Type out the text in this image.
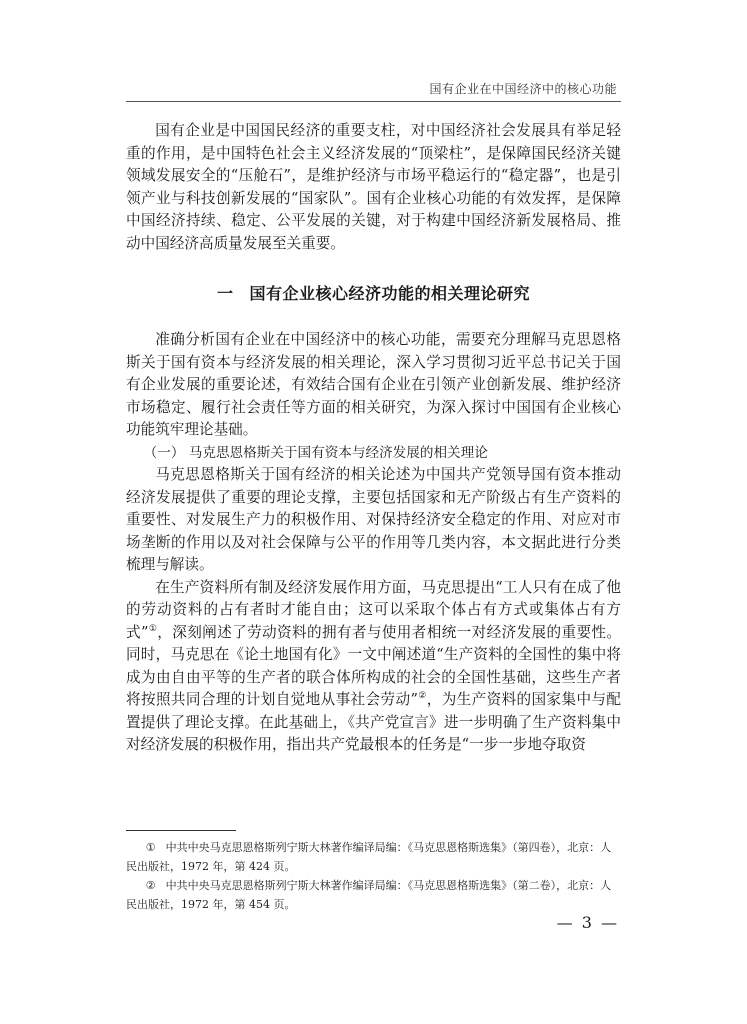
国有企业在中国经济中的核心功能

国有企业是中国国民经济的重要支柱，对中国经济社会发展具有举足轻重的作用，是中国特色社会主义经济发展的“顶梁柱”，是保障国民经济关键领域发展安全的“压舱石”，是维护经济与市场平稳运行的“稳定器”，也是引领产业与科技创新发展的“国家队”。国有企业核心功能的有效发挥，是保障中国经济持续、稳定、公平发展的关键，对于构建中国经济新发展格局、推动中国经济高质量发展至关重要。

一 国有企业核心经济功能的相关理论研究

准确分析国有企业在中国经济中的核心功能，需要充分理解马克思恩格斯关于国有资本与经济发展的相关理论，深入学习贯彻习近平总书记关于国有企业发展的重要论述，有效结合国有企业在引领产业创新发展、维护经济市场稳定、履行社会责任等方面的相关研究，为深入探讨中国国有企业核心功能筑牢理论基础。

（一） 马克思恩格斯关于国有资本与经济发展的相关理论

马克思恩格斯关于国有经济的相关论述为中国共产党领导国有资本推动经济发展提供了重要的理论支撑，主要包括国家和无产阶级占有生产资料的重要性、对发展生产力的积极作用、对保持经济安全稳定的作用、对应对市场垄断的作用以及对社会保障与公平的作用等几类内容，本文据此进行分类梳理与解读。

在生产资料所有制及经济发展作用方面，马克思提出“工人只有在成了他的劳动资料的占有者时才能自由；这可以采取个体占有方式或集体占有方式”①，深刻阐述了劳动资料的拥有者与使用者相统一对经济发展的重要性。同时，马克思在《论土地国有化》一文中阐述道“生产资料的全国性的集中将成为由自由平等的生产者的联合体所构成的社会的全国性基础，这些生产者将按照共同合理的计划自觉地从事社会劳动”②，为生产资料的国家集中与配置提供了理论支撑。在此基础上，《共产党宣言》进一步明确了生产资料集中对经济发展的积极作用，指出共产党最根本的任务是“一步一步地夺取资

① 中共中央马克思恩格斯列宁斯大林著作编译局编：《马克思恩格斯选集》（第四卷），北京：人民出版社，1972 年，第 424 页。

② 中共中央马克思恩格斯列宁斯大林著作编译局编：《马克思恩格斯选集》（第二卷），北京：人民出版社，1972 年，第 454 页。

— 3 —
